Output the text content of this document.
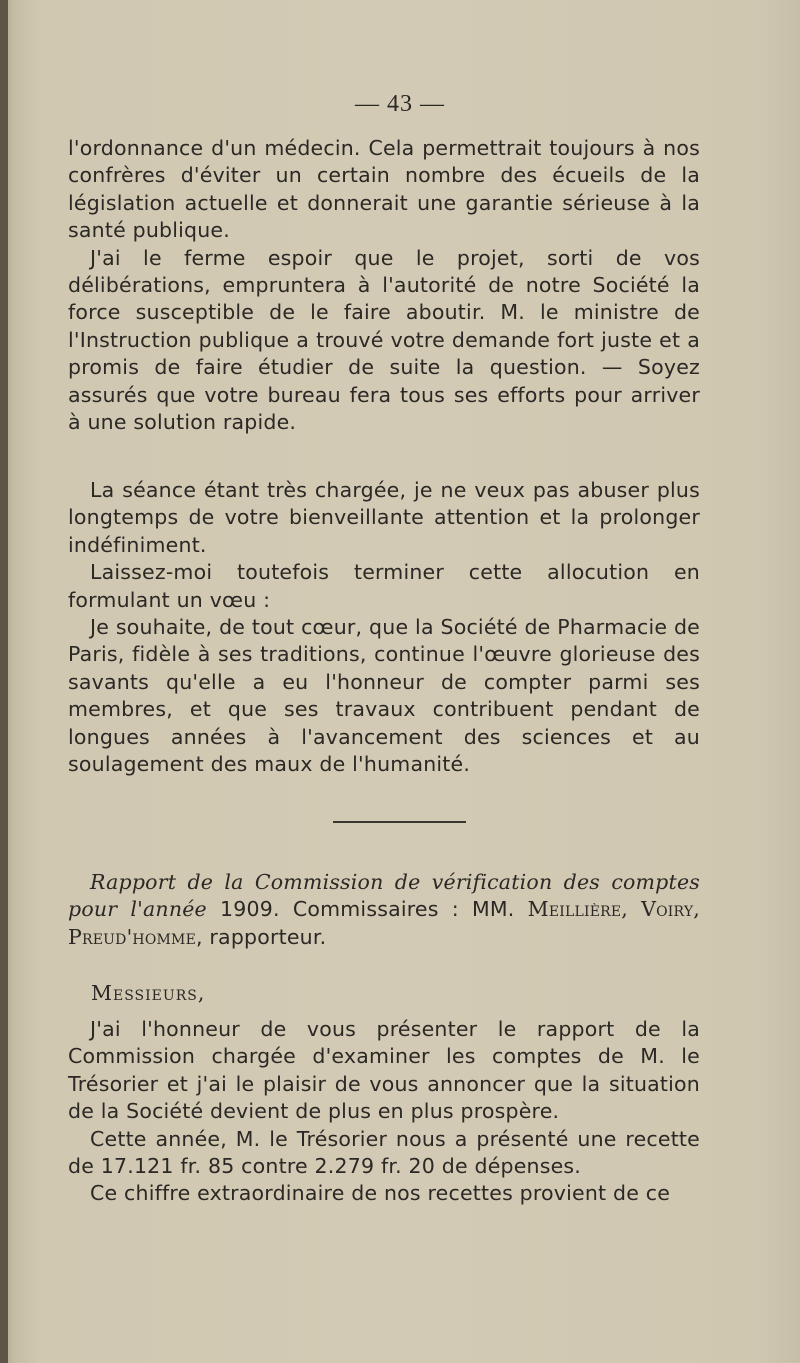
— 43 —

l'ordonnance d'un médecin. Cela permettrait toujours à nos confrères d'éviter un certain nombre des écueils de la législation actuelle et donnerait une garantie sérieuse à la santé publique.

J'ai le ferme espoir que le projet, sorti de vos délibérations, empruntera à l'autorité de notre Société la force susceptible de le faire aboutir. M. le ministre de l'Instruction publique a trouvé votre demande fort juste et a promis de faire étudier de suite la question. — Soyez assurés que votre bureau fera tous ses efforts pour arriver à une solution rapide.

La séance étant très chargée, je ne veux pas abuser plus longtemps de votre bienveillante attention et la prolonger indéfiniment.

Laissez-moi toutefois terminer cette allocution en formulant un vœu :

Je souhaite, de tout cœur, que la Société de Pharmacie de Paris, fidèle à ses traditions, continue l'œuvre glorieuse des savants qu'elle a eu l'honneur de compter parmi ses membres, et que ses travaux contribuent pendant de longues années à l'avancement des sciences et au soulagement des maux de l'humanité.

Rapport de la Commission de vérification des comptes pour l'année 1909. Commissaires : MM. Meillière, Voiry, Preud'homme, rapporteur.

Messieurs,

J'ai l'honneur de vous présenter le rapport de la Commission chargée d'examiner les comptes de M. le Trésorier et j'ai le plaisir de vous annoncer que la situation de la Société devient de plus en plus prospère.

Cette année, M. le Trésorier nous a présenté une recette de 17.121 fr. 85 contre 2.279 fr. 20 de dépenses.

Ce chiffre extraordinaire de nos recettes provient de ce
